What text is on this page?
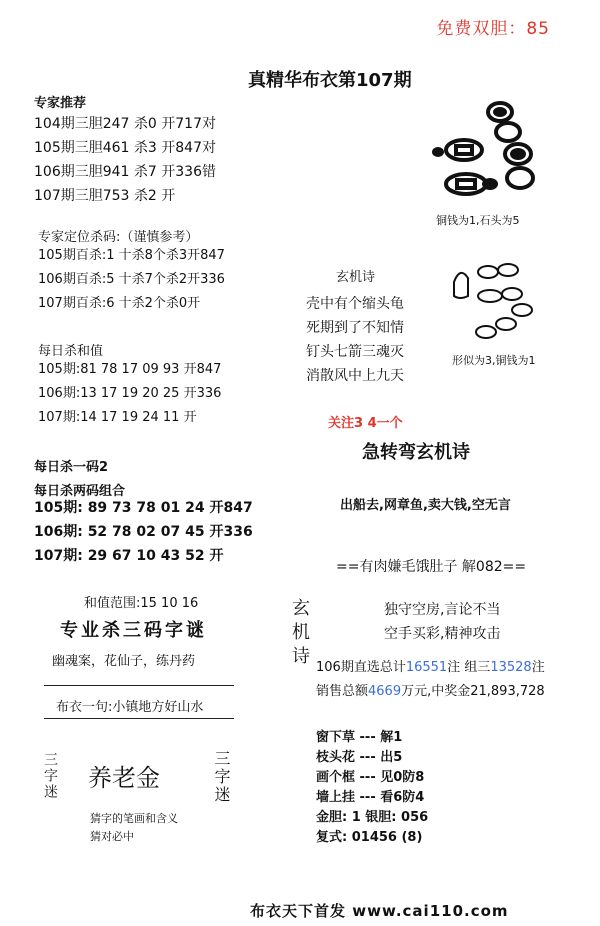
免费双胆：85
真精华布衣第107期
专家推荐
104期三胆247 杀0 开717对
105期三胆461 杀3 开847对
106期三胆941 杀7 开336错
107期三胆753 杀2 开
专家定位杀码:（谨慎参考）
105期百杀:1 十杀8个杀3开847
106期百杀:5 十杀7个杀2开336
107期百杀:6 十杀2个杀0开
每日杀和值
105期:81 78 17 09 93 开847
106期:13 17 19 20 25 开336
107期:14 17 19 24 11 开
每日杀一码2
每日杀两码组合
105期: 89 73 78 01 24 开847
106期: 52 78 02 07 45 开336
107期: 29 67 10 43 52 开
和值范围:15 10 16
专业杀三码字谜
幽魂案，花仙子，练丹药
布衣一句:小镇地方好山水
三字迷 养老金	三字迷
猜字的笔画和含义
猜对必中
铜钱为1,石头为5
形似为3,铜钱为1
玄机诗
壳中有个缩头龟
死期到了不知情
钉头七箭三魂灭
消散风中上九天
关注3 4一个
急转弯玄机诗
出船去,网章鱼,卖大钱,空无言
==有肉嫌毛饿肚子 解082==
玄机诗	独守空房,言论不当
空手买彩,精神攻击
106期直选总计16551注 组三13528注
销售总额4669万元,中奖金21,893,728
窗下草 --- 解1
枝头花 --- 出5
画个框 --- 见0防8
墙上挂 --- 看6防4
金胆: 1 银胆: 056
复式: 01456 (8)
布衣天下首发 www.cai110.com
